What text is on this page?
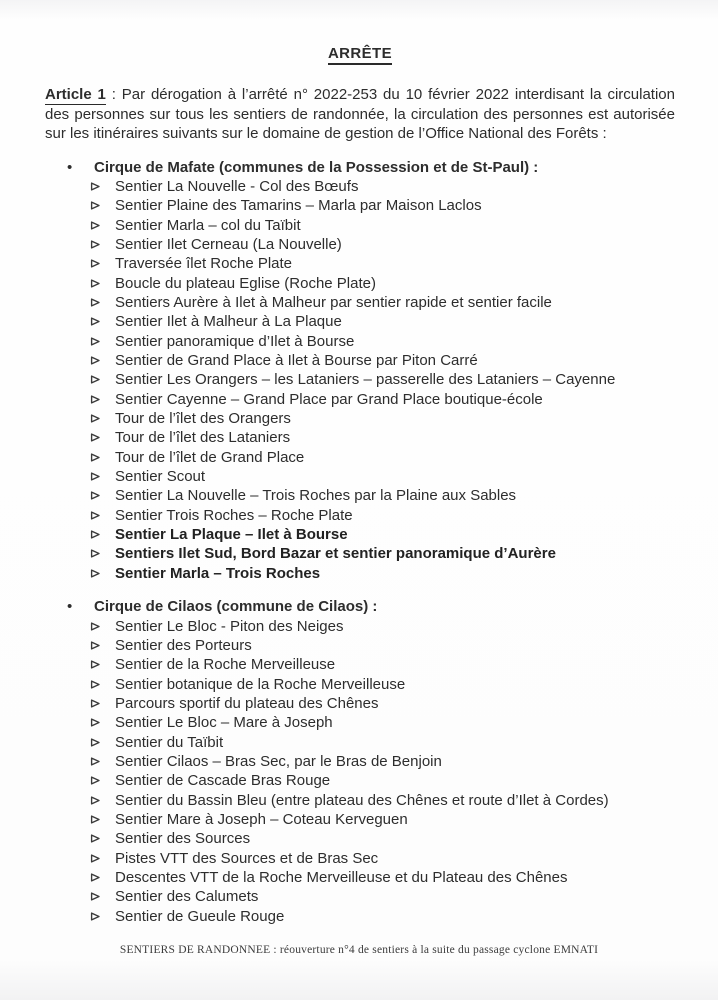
ARRÊTE
Article 1 : Par dérogation à l’arrêté n° 2022-253 du 10 février 2022 interdisant la circulation des personnes sur tous les sentiers de randonnée, la circulation des personnes est autorisée sur les itinéraires suivants sur le domaine de gestion de l’Office National des Forêts :
•	Cirque de Mafate (communes de la Possession et de St-Paul) :
Sentier La Nouvelle - Col des Bœufs
Sentier Plaine des Tamarins – Marla par Maison Laclos
Sentier Marla – col du Taïbit
Sentier Ilet Cerneau (La Nouvelle)
Traversée îlet Roche Plate
Boucle du plateau Eglise (Roche Plate)
Sentiers Aurère à Ilet à Malheur par sentier rapide et sentier facile
Sentier Ilet à Malheur à La Plaque
Sentier panoramique d’Ilet à Bourse
Sentier de Grand Place à Ilet à Bourse par Piton Carré
Sentier Les Orangers – les Lataniers – passerelle des Lataniers – Cayenne
Sentier Cayenne – Grand Place par Grand Place boutique-école
Tour de l’îlet des Orangers
Tour de l’îlet des Lataniers
Tour de l’îlet de Grand Place
Sentier Scout
Sentier La Nouvelle – Trois Roches par la Plaine aux Sables
Sentier Trois Roches – Roche Plate
Sentier La Plaque – Ilet à Bourse
Sentiers Ilet Sud, Bord Bazar et sentier panoramique d’Aurère
Sentier Marla – Trois Roches
•	Cirque de Cilaos (commune de Cilaos) :
Sentier Le Bloc - Piton des Neiges
Sentier des Porteurs
Sentier de la Roche Merveilleuse
Sentier botanique de la Roche Merveilleuse
Parcours sportif du plateau des Chênes
Sentier Le Bloc – Mare à Joseph
Sentier du Taïbit
Sentier Cilaos – Bras Sec, par le Bras de Benjoin
Sentier de Cascade Bras Rouge
Sentier du Bassin Bleu (entre plateau des Chênes et route d’Ilet à Cordes)
Sentier Mare à Joseph – Coteau Kerveguen
Sentier des Sources
Pistes VTT des Sources et de Bras Sec
Descentes VTT de la Roche Merveilleuse et du Plateau des Chênes
Sentier des Calumets
Sentier de Gueule Rouge
SENTIERS DE RANDONNEE : réouverture n°4 de sentiers à la suite du passage cyclone EMNATI
